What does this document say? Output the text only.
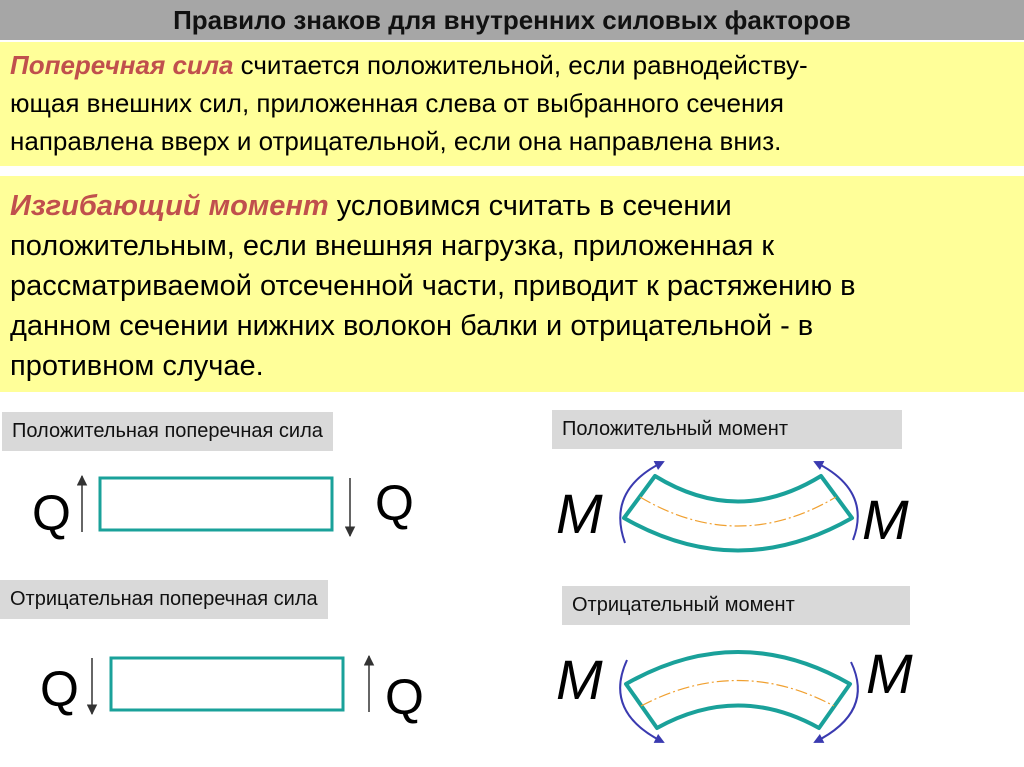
Правило знаков для внутренних силовых факторов
Поперечная сила считается положительной, если равнодейству-
ющая внешних сил, приложенная слева от выбранного сечения
направлена вверх и отрицательной, если она направлена вниз.
Изгибающий момент условимся считать в сечении
положительным, если внешняя нагрузка, приложенная к
рассматриваемой отсеченной части, приводит к растяжению в
данном сечении нижних волокон балки и отрицательной - в
противном случае.
Положительная поперечная сила
Отрицательная поперечная сила
Положительный момент
Отрицательный момент
Q	Q
Q	Q
M	M
M	M
